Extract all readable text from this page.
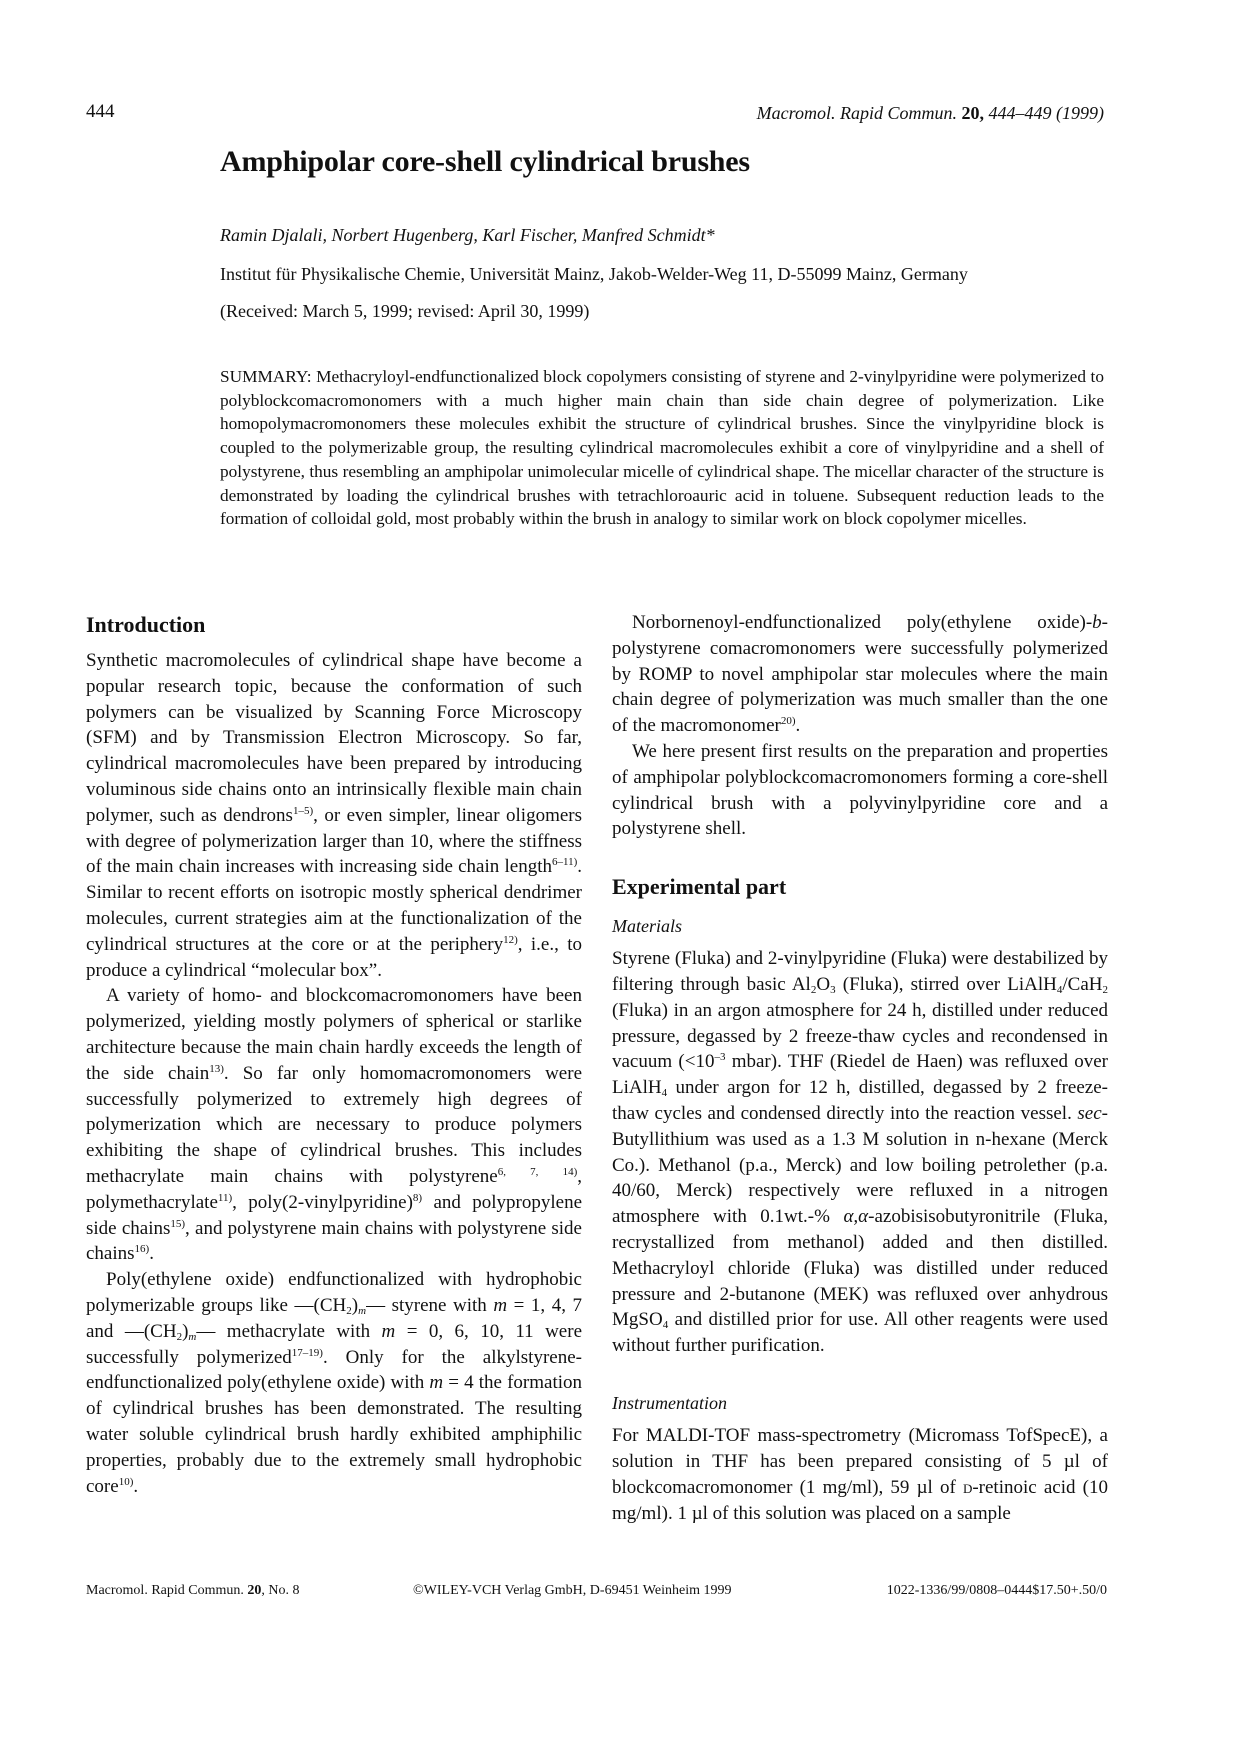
444	Macromol. Rapid Commun. 20, 444–449 (1999)
Amphipolar core-shell cylindrical brushes
Ramin Djalali, Norbert Hugenberg, Karl Fischer, Manfred Schmidt*
Institut für Physikalische Chemie, Universität Mainz, Jakob-Welder-Weg 11, D-55099 Mainz, Germany
(Received: March 5, 1999; revised: April 30, 1999)
SUMMARY: Methacryloyl-endfunctionalized block copolymers consisting of styrene and 2-vinylpyridine were polymerized to polyblockcomacromonomers with a much higher main chain than side chain degree of polymerization. Like homopolymacromonomers these molecules exhibit the structure of cylindrical brushes. Since the vinylpyridine block is coupled to the polymerizable group, the resulting cylindrical macromolecules exhibit a core of vinylpyridine and a shell of polystyrene, thus resembling an amphipolar unimolecular micelle of cylindrical shape. The micellar character of the structure is demonstrated by loading the cylindrical brushes with tetrachloroauric acid in toluene. Subsequent reduction leads to the formation of colloidal gold, most probably within the brush in analogy to similar work on block copolymer micelles.
Introduction

Synthetic macromolecules of cylindrical shape have become a popular research topic, because the conformation of such polymers can be visualized by Scanning Force Microscopy (SFM) and by Transmission Electron Microscopy. So far, cylindrical macromolecules have been prepared by introducing voluminous side chains onto an intrinsically flexible main chain polymer, such as dendrons$^{1-5)}$, or even simpler, linear oligomers with degree of polymerization larger than 10, where the stiffness of the main chain increases with increasing side chain length$^{6-11)}$. Similar to recent efforts on isotropic mostly spherical dendrimer molecules, current strategies aim at the functionalization of the cylindrical structures at the core or at the periphery$^{12)}$, i.e., to produce a cylindrical “molecular box”.

A variety of homo- and blockcomacromonomers have been polymerized, yielding mostly polymers of spherical or starlike architecture because the main chain hardly exceeds the length of the side chain$^{13)}$. So far only homomacromonomers were successfully polymerized to extremely high degrees of polymerization which are necessary to produce polymers exhibiting the shape of cylindrical brushes. This includes methacrylate main chains with polystyrene$^{6, 7, 14)}$, polymethacrylate$^{11)}$, poly(2-vinylpyridine)$^{8)}$ and polypropylene side chains$^{15)}$, and polystyrene main chains with polystyrene side chains$^{16)}$.

Poly(ethylene oxide) endfunctionalized with hydrophobic polymerizable groups like $—(CH_2)_m—$ styrene with m = 1, 4, 7 and $—(CH_2)_m—$ methacrylate with m = 0, 6, 10, 11 were successfully polymerized$^{17-19)}$. Only for the alkylstyrene-endfunctionalized poly(ethylene oxide) with m = 4 the formation of cylindrical brushes has been demonstrated. The resulting water soluble cylindrical brush hardly exhibited amphiphilic properties, probably due to the extremely small hydrophobic core$^{10)}$.

Norbornenoyl-endfunctionalized poly(ethylene oxide)-b-polystyrene comacromonomers were successfully polymerized by ROMP to novel amphipolar star molecules where the main chain degree of polymerization was much smaller than the one of the macromonomer$^{20)}$.

We here present first results on the preparation and properties of amphipolar polyblockcomacromonomers forming a core-shell cylindrical brush with a polyvinylpyridine core and a polystyrene shell.

Experimental part
Materials

Styrene (Fluka) and 2-vinylpyridine (Fluka) were destabilized by filtering through basic $Al_2O_3$ (Fluka), stirred over LiAlH$_4$/CaH$_2$ (Fluka) in an argon atmosphere for 24 h, distilled under reduced pressure, degassed by 2 freeze-thaw cycles and recondensed in vacuum ($<10^{-3}$ mbar). THF (Riedel de Haen) was refluxed over LiAlH$_4$ under argon for 12 h, distilled, degassed by 2 freeze-thaw cycles and condensed directly into the reaction vessel. sec-Butyllithium was used as a 1.3 M solution in n-hexane (Merck Co.). Methanol (p.a., Merck) and low boiling petrolether (p.a. 40/60, Merck) respectively were refluxed in a nitrogen atmosphere with 0.1wt.-% α,α-azobisisobutyronitrile (Fluka, recrystallized from methanol) added and then distilled. Methacryloyl chloride (Fluka) was distilled under reduced pressure and 2-butanone (MEK) was refluxed over anhydrous MgSO$_4$ and distilled prior for use. All other reagents were used without further purification.

Instrumentation

For MALDI-TOF mass-spectrometry (Micromass TofSpecE), a solution in THF has been prepared consisting of 5 µl of blockcomacromonomer (1 mg/ml), 59 µl of D-retinoic acid (10 mg/ml). 1 µl of this solution was placed on a sample

Macromol. Rapid Commun. 20, No. 8	©WILEY-VCH Verlag GmbH, D-69451 Weinheim 1999	1022-1336/99/0808–0444$17.50+.50/0
